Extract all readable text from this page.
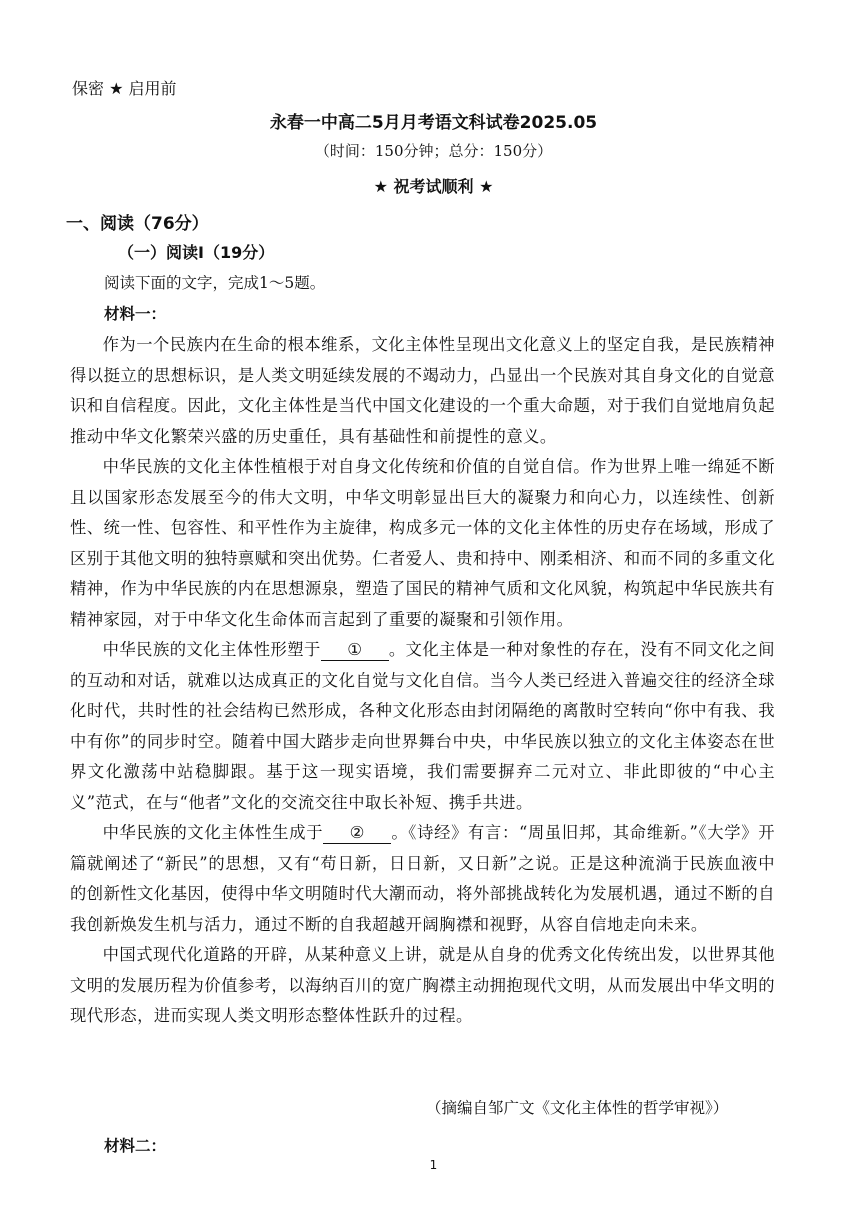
保密 ★ 启用前
永春一中高二5月月考语文科试卷2025.05
（时间：150分钟；总分：150分）
★ 祝考试顺利 ★
一、阅读（76分）
（一）阅读Ⅰ（19分）
阅读下面的文字，完成1～5题。
材料一：

作为一个民族内在生命的根本维系，文化主体性呈现出文化意义上的坚定自我，是民族精神得以挺立的思想标识，是人类文明延续发展的不竭动力，凸显出一个民族对其自身文化的自觉意识和自信程度。因此，文化主体性是当代中国文化建设的一个重大命题，对于我们自觉地肩负起推动中华文化繁荣兴盛的历史重任，具有基础性和前提性的意义。

中华民族的文化主体性植根于对自身文化传统和价值的自觉自信。作为世界上唯一绵延不断且以国家形态发展至今的伟大文明，中华文明彰显出巨大的凝聚力和向心力，以连续性、创新性、统一性、包容性、和平性作为主旋律，构成多元一体的文化主体性的历史存在场域，形成了区别于其他文明的独特禀赋和突出优势。仁者爱人、贵和持中、刚柔相济、和而不同的多重文化精神，作为中华民族的内在思想源泉，塑造了国民的精神气质和文化风貌，构筑起中华民族共有精神家园，对于中华文化生命体而言起到了重要的凝聚和引领作用。

中华民族的文化主体性形塑于 ① 。文化主体是一种对象性的存在，没有不同文化之间的互动和对话，就难以达成真正的文化自觉与文化自信。当今人类已经进入普遍交往的经济全球化时代，共时性的社会结构已然形成，各种文化形态由封闭隔绝的离散时空转向“你中有我、我中有你”的同步时空。随着中国大踏步走向世界舞台中央，中华民族以独立的文化主体姿态在世界文化激荡中站稳脚跟。基于这一现实语境，我们需要摒弃二元对立、非此即彼的“中心主义”范式，在与“他者”文化的交流交往中取长补短、携手共进。

中华民族的文化主体性生成于 ② 。《诗经》有言：“周虽旧邦，其命维新。”《大学》开篇就阐述了“新民”的思想，又有“苟日新，日日新，又日新”之说。正是这种流淌于民族血液中的创新性文化基因，使得中华文明随时代大潮而动，将外部挑战转化为发展机遇，通过不断的自我创新焕发生机与活力，通过不断的自我超越开阔胸襟和视野，从容自信地走向未来。

中国式现代化道路的开辟，从某种意义上讲，就是从自身的优秀文化传统出发，以世界其他文明的发展历程为价值参考，以海纳百川的宽广胸襟主动拥抱现代文明，从而发展出中华文明的现代形态，进而实现人类文明形态整体性跃升的过程。

（摘编自邹广文《文化主体性的哲学审视》）
材料二：
1
